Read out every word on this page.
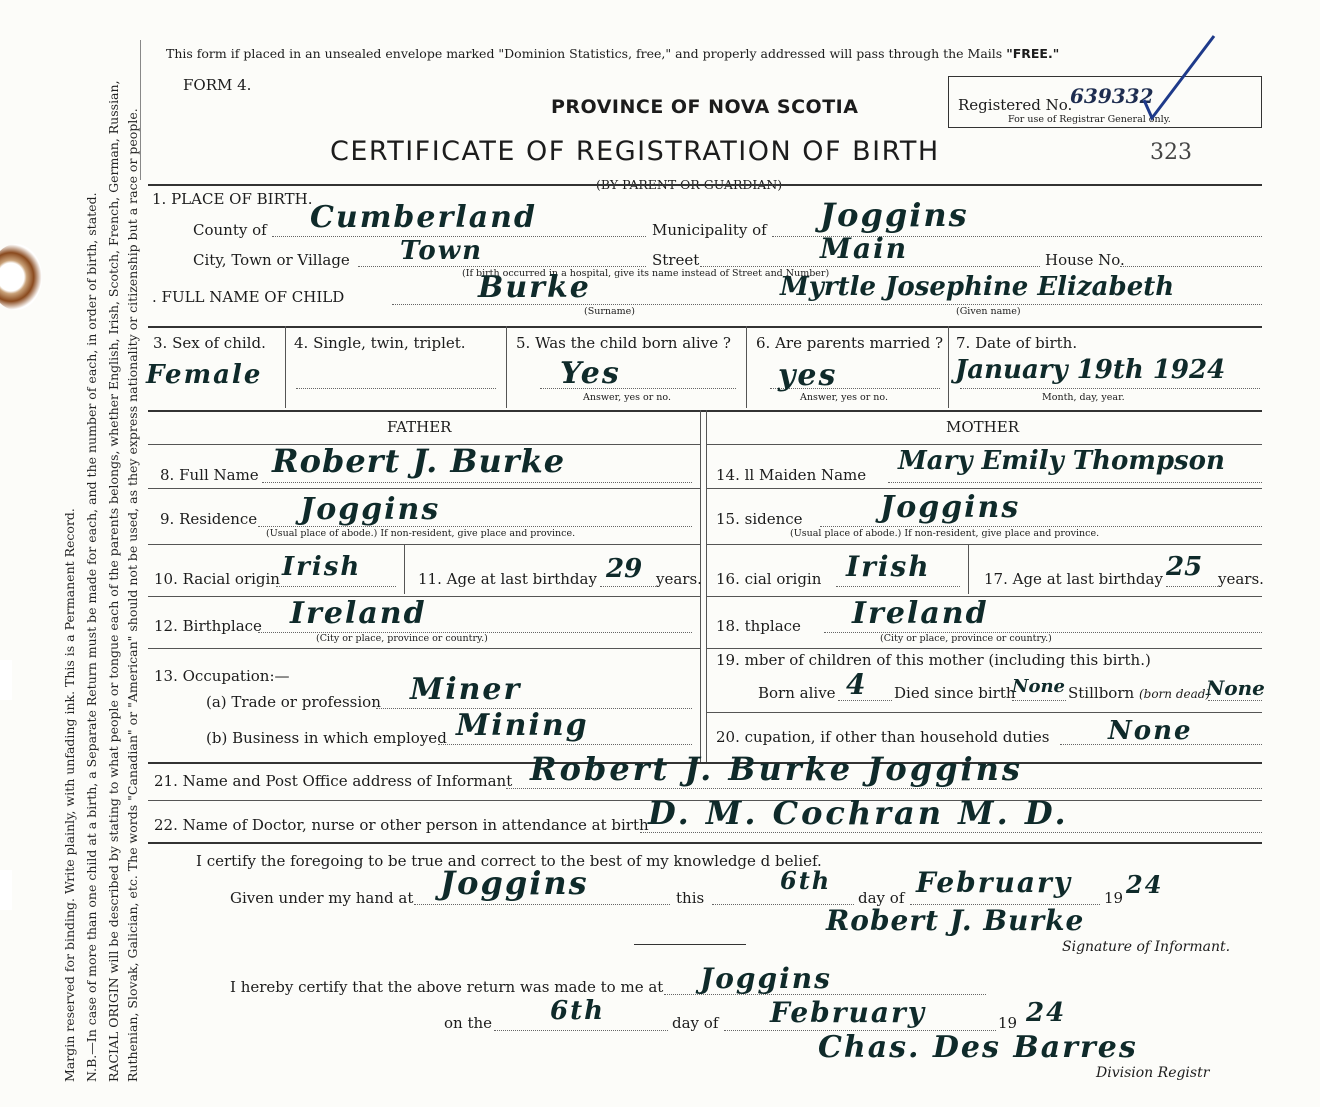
Margin reserved for binding. Write plainly, with unfading ink. This is a Permanent Record. N.B.—In case of more than one child at a birth, a Separate Return must be made for each, and the number of each, in order of birth, stated. RACIAL ORIGIN will be described by stating to what people or tongue each of the parents belongs, whether English, Irish, Scotch, French, German, Russian, Ruthenian, Slovak, Galician, etc. The words "Canadian" or "American" should not be used, as they express nationality or citizenship but a race or people.
This form if placed in an unsealed envelope marked "Dominion Statistics, free," and properly addressed will pass through the Mails "FREE."
FORM 4.
PROVINCE OF NOVA SCOTIA
CERTIFICATE OF REGISTRATION OF BIRTH
(BY PARENT OR GUARDIAN)
Registered No.
639332
For use of Registrar General only.
323
1. PLACE OF BIRTH.
County of Cumberland	Municipality of Joggins
City, Town or Village Town	Street	Main	House No.
(If birth occurred in a hospital, give its name instead of Street and Number)
. FULL NAME OF CHILD	Burke
(Surname)
Myrtle Josephine Elizabeth
(Given name)
3. Sex of child.
Female
4. Single, twin, triplet.	5. Was the child born alive ?
Yes
Answer, yes or no.
6. Are parents married ?
yes
Answer, yes or no.
7. Date of birth.
January 19th 1924
Month, day, year.
FATHER	MOTHER
8. Full Name Robert J. Burke	14. ll Maiden Name Mary Emily Thompson
9. Residence Joggins
(Usual place of abode.) If non-resident, give place and province.
15. sidence	Joggins
(Usual place of abode.) If non-resident, give place and province.
10. Racial origin Irish	11. Age at last birthday 29 years. 16. cial origin Irish	17. Age at last birthday 25 years.
12. Birthplace Ireland
(City or place, province or country.)
18. thplace Ireland
(City or place, province or country.)
13. Occupation:—
(a) Trade or profession Miner
(b) Business in which employed Mining
19. mber of children of this mother (including this birth.)
Born alive 4 Died since birth
None Stillborn (born dead)
None
20. cupation, if other than household duties None
21. Name and Post Office address of Informant Robert J. Burke Joggins
22. Name of Doctor, nurse or other person in attendance at birth D. M. Cochran M. D.
I certify the foregoing to be true and correct to the best of my knowledge d belief.
Given under my hand at Joggins	this
6th
day of February 19 24
Robert J. Burke
Signature of Informant.
I hereby certify that the above return was made to me at Joggins
on the 6th	day of February	19 24
Chas. Des Barres
Division Registr
